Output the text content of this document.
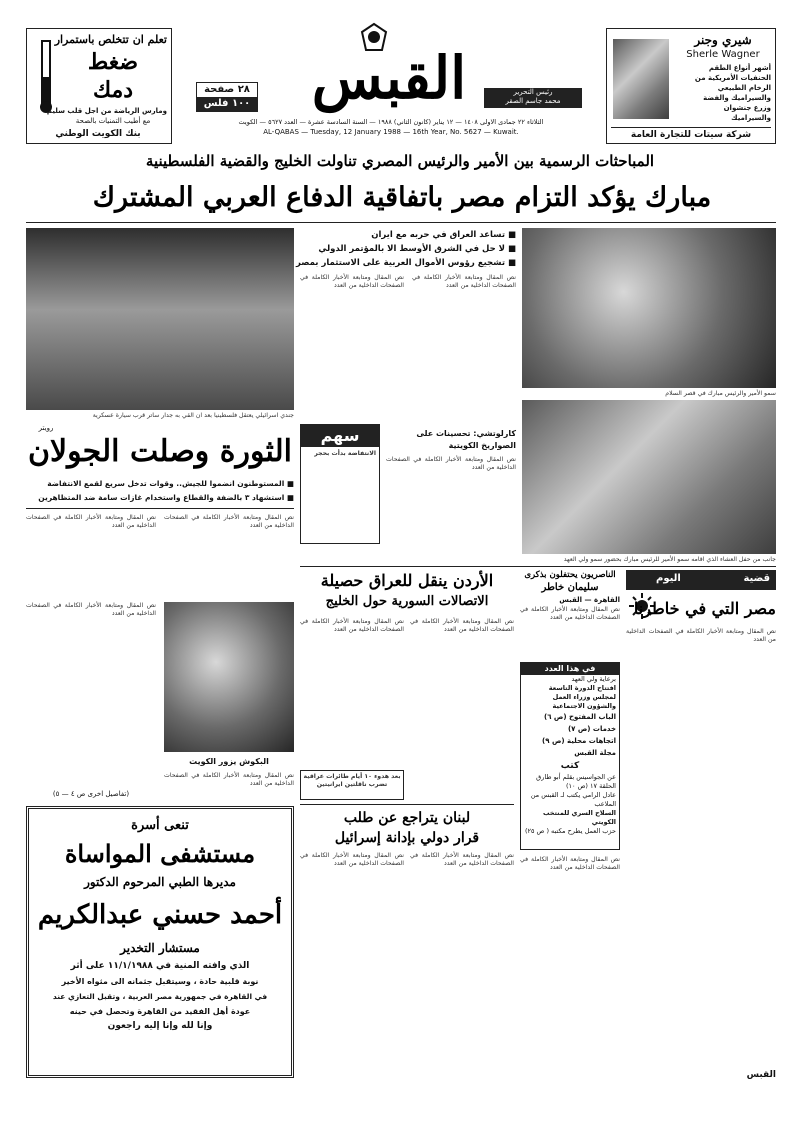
تعلم ان تتخلص باستمرار
ضغط
دمك
ومارس الرياضة من اجل قلب سليم
مع أطيب التمنيات بالصحة
بنك الكويت الوطني
القبس	رئيس التحرير
محمد جاسم الصقر
٢٨ صفحة
١٠٠ فلس
الثلاثاء ٢٢ جمادى الاولى ١٤٠٨ — ١٢ يناير (كانون الثاني) ١٩٨٨ — السنة السادسة عشرة — العدد ٥٦٢٧ — الكويت
AL-QABAS — Tuesday, 12 January 1988 — 16th Year, No. 5627 — Kuwait.
شيري وجنر
Sherle Wagner
أشهر أنواع الطقم
الحنفيات الأمريكية من
الرخام الطبيعي
والسيراميك والفضة
وزرع جنشوان
والسيراميك
شركة سيتات للتجارة العامة
المباحثات الرسمية بين الأمير والرئيس المصري تناولت الخليج والقضية الفلسطينية
مبارك يؤكد التزام مصر باتفاقية الدفاع العربي المشترك
جندي اسرائيلي يعتقل فلسطينيا بعد ان القي به جدار ساتر قرب سيارة عسكرية
■ تساعد العراق في حربه مع ايران
■ لا حل في الشرق الأوسط الا بالمؤتمر الدولي
■ تشجيع رؤوس الأموال العربية على الاستثمار بمصر
نص المقال ومتابعة الأخبار الكاملة في الصفحات الداخلية من العدد
نص المقال ومتابعة الأخبار الكاملة في الصفحات الداخلية من العدد
سمو الأمير والرئيس مبارك في قصر السلام
رويتر
الثورة وصلت الجولان
■ المستوطنون انضموا للجيش.. وقوات تدخل سريع لقمع الانتفاضة
■ استشهاد ٣ بالضفة والقطاع واستخدام غازات سامة ضد المتظاهرين
سهم
الانتفاضة بدأت بحجر
كارلوتشي: تحسينات على الصواريخ الكويتية
نص المقال ومتابعة الأخبار الكاملة في الصفحات الداخلية من العدد
جانب من حفل العشاء الذي اقامه سمو الأمير للرئيس مبارك بحضور سمو ولي العهد
نص المقال ومتابعة الأخبار الكاملة في الصفحات الداخلية من العدد
نص المقال ومتابعة الأخبار الكاملة في الصفحات الداخلية من العدد
البكوش يزور الكويت
نص المقال ومتابعة الأخبار الكاملة في الصفحات الداخلية من العدد
نص المقال ومتابعة الأخبار الكاملة في الصفحات الداخلية من العدد
(تفاصيل اخرى ص ٤ — ٥)
الأردن ينقل للعراق حصيلة
الاتصالات السورية حول الخليج
نص المقال ومتابعة الأخبار الكاملة في الصفحات الداخلية من العدد
نص المقال ومتابعة الأخبار الكاملة في الصفحات الداخلية من العدد
بعد هدوء ١٠ أيام طائرات عراقية تضرب ناقلتين ايرانيتين
الناصريون يحتفلون بذكرى
سليمان خاطر
القاهرة — القبس
نص المقال ومتابعة الأخبار الكاملة في الصفحات الداخلية من العدد
في هذا العدد
برعاية ولي العهد
افتتاح الدورة التاسعة لمجلس وزراء العمل والشؤون الاجتماعية
الباب المفتوح (ص ٦)
خدمات (ص ٧)
اتجاهات محلية (ص ٩)
مجلة القبس
كتب
عن الجواسيس بقلم أبو طارق
الحلقة ١٧ (ص ١٠)
عادل الرامي يكتب لـ القبس من الملاعب
السلاح السري للمنتخب الكويتي
حزب العمل يطرح مكتبه ( ص ٢٥)
قضية
اليوم
مصر التي في خاطرنا
نص المقال ومتابعة الأخبار الكاملة في الصفحات الداخلية من العدد
القبس
لبنان يتراجع عن طلب
قرار دولي بإدانة إسرائيل
نص المقال ومتابعة الأخبار الكاملة في الصفحات الداخلية من العدد
نص المقال ومتابعة الأخبار الكاملة في الصفحات الداخلية من العدد
نص المقال ومتابعة الأخبار الكاملة في الصفحات الداخلية من العدد
تنعى أسرة
مستشفى المواساة
مديرها الطبي المرحوم الدكتور
أحمد حسني عبدالكريم
مستشار التخدير
الذي وافته المنية في ١١/١/١٩٨٨ على أثر
نوبة قلبية حادة ، وسيتقبل جثمانه الى مثواه الأخير
في القاهرة في جمهورية مصر العربية ، وتقبل التعازي عند
عودة أهل الفقيد من القاهرة وتحصل في حينه
وإنا لله وإنا إليه راجعون
